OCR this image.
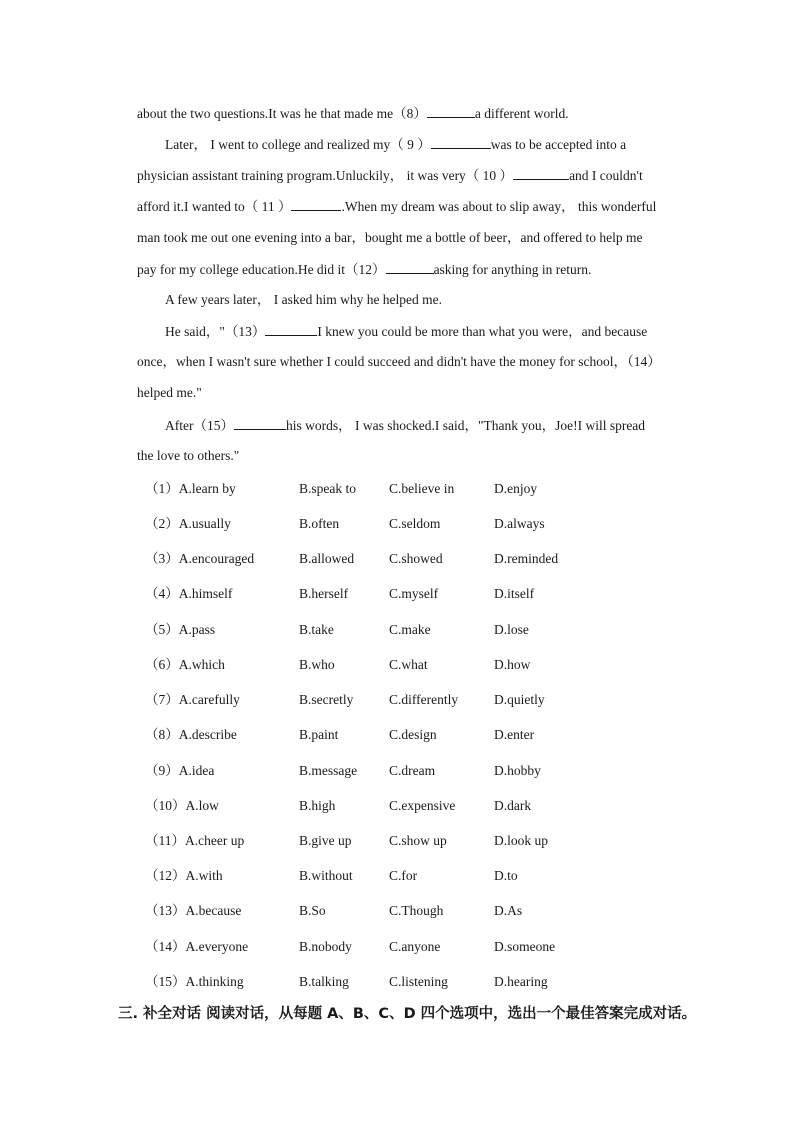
about the two questions.It was he that made me（8）	a different world.
Later， I went to college and realized my（ 9 ）	was to be accepted into a
physician assistant training program.Unluckily， it was very（ 10 ）	and I couldn't
afford it.I wanted to（ 11 ）	.When my dream was about to slip away， this wonderful
man took me out one evening into a bar，bought me a bottle of beer，and offered to help me
pay for my college education.He did it（12）	asking for anything in return.
A few years later， I asked him why he helped me.
He said，"（13）	I knew you could be more than what you were，and because
once，when I wasn't sure whether I could succeed and didn't have the money for school，（14）
helped me."
After（15）	his words， I was shocked.I said，"Thank you，Joe!I will spread
the love to others."
（1）A.learn by	B.speak to C.believe in	D.enjoy
（2）A.usually	B.often	C.seldom	D.always
（3）A.encouraged	B.allowed	C.showed	D.reminded
（4）A.himself	B.herself	C.myself	D.itself
（5）A.pass	B.take	C.make	D.lose
（6）A.which	B.who	C.what	D.how
（7）A.carefully	B.secretly	C.differently	D.quietly
（8）A.describe	B.paint	C.design	D.enter
（9）A.idea	B.message C.dream	D.hobby
（10）A.low	B.high	C.expensive	D.dark
（11）A.cheer up	B.give up	C.show up	D.look up
（12）A.with	B.without	C.for	D.to
（13）A.because	B.So	C.Though	D.As
（14）A.everyone	B.nobody	C.anyone	D.someone
（15）A.thinking	B.talking	C.listening	D.hearing
三. 补全对话 阅读对话，从每题 A、B、C、D 四个选项中，选出一个最佳答案完成对话。
